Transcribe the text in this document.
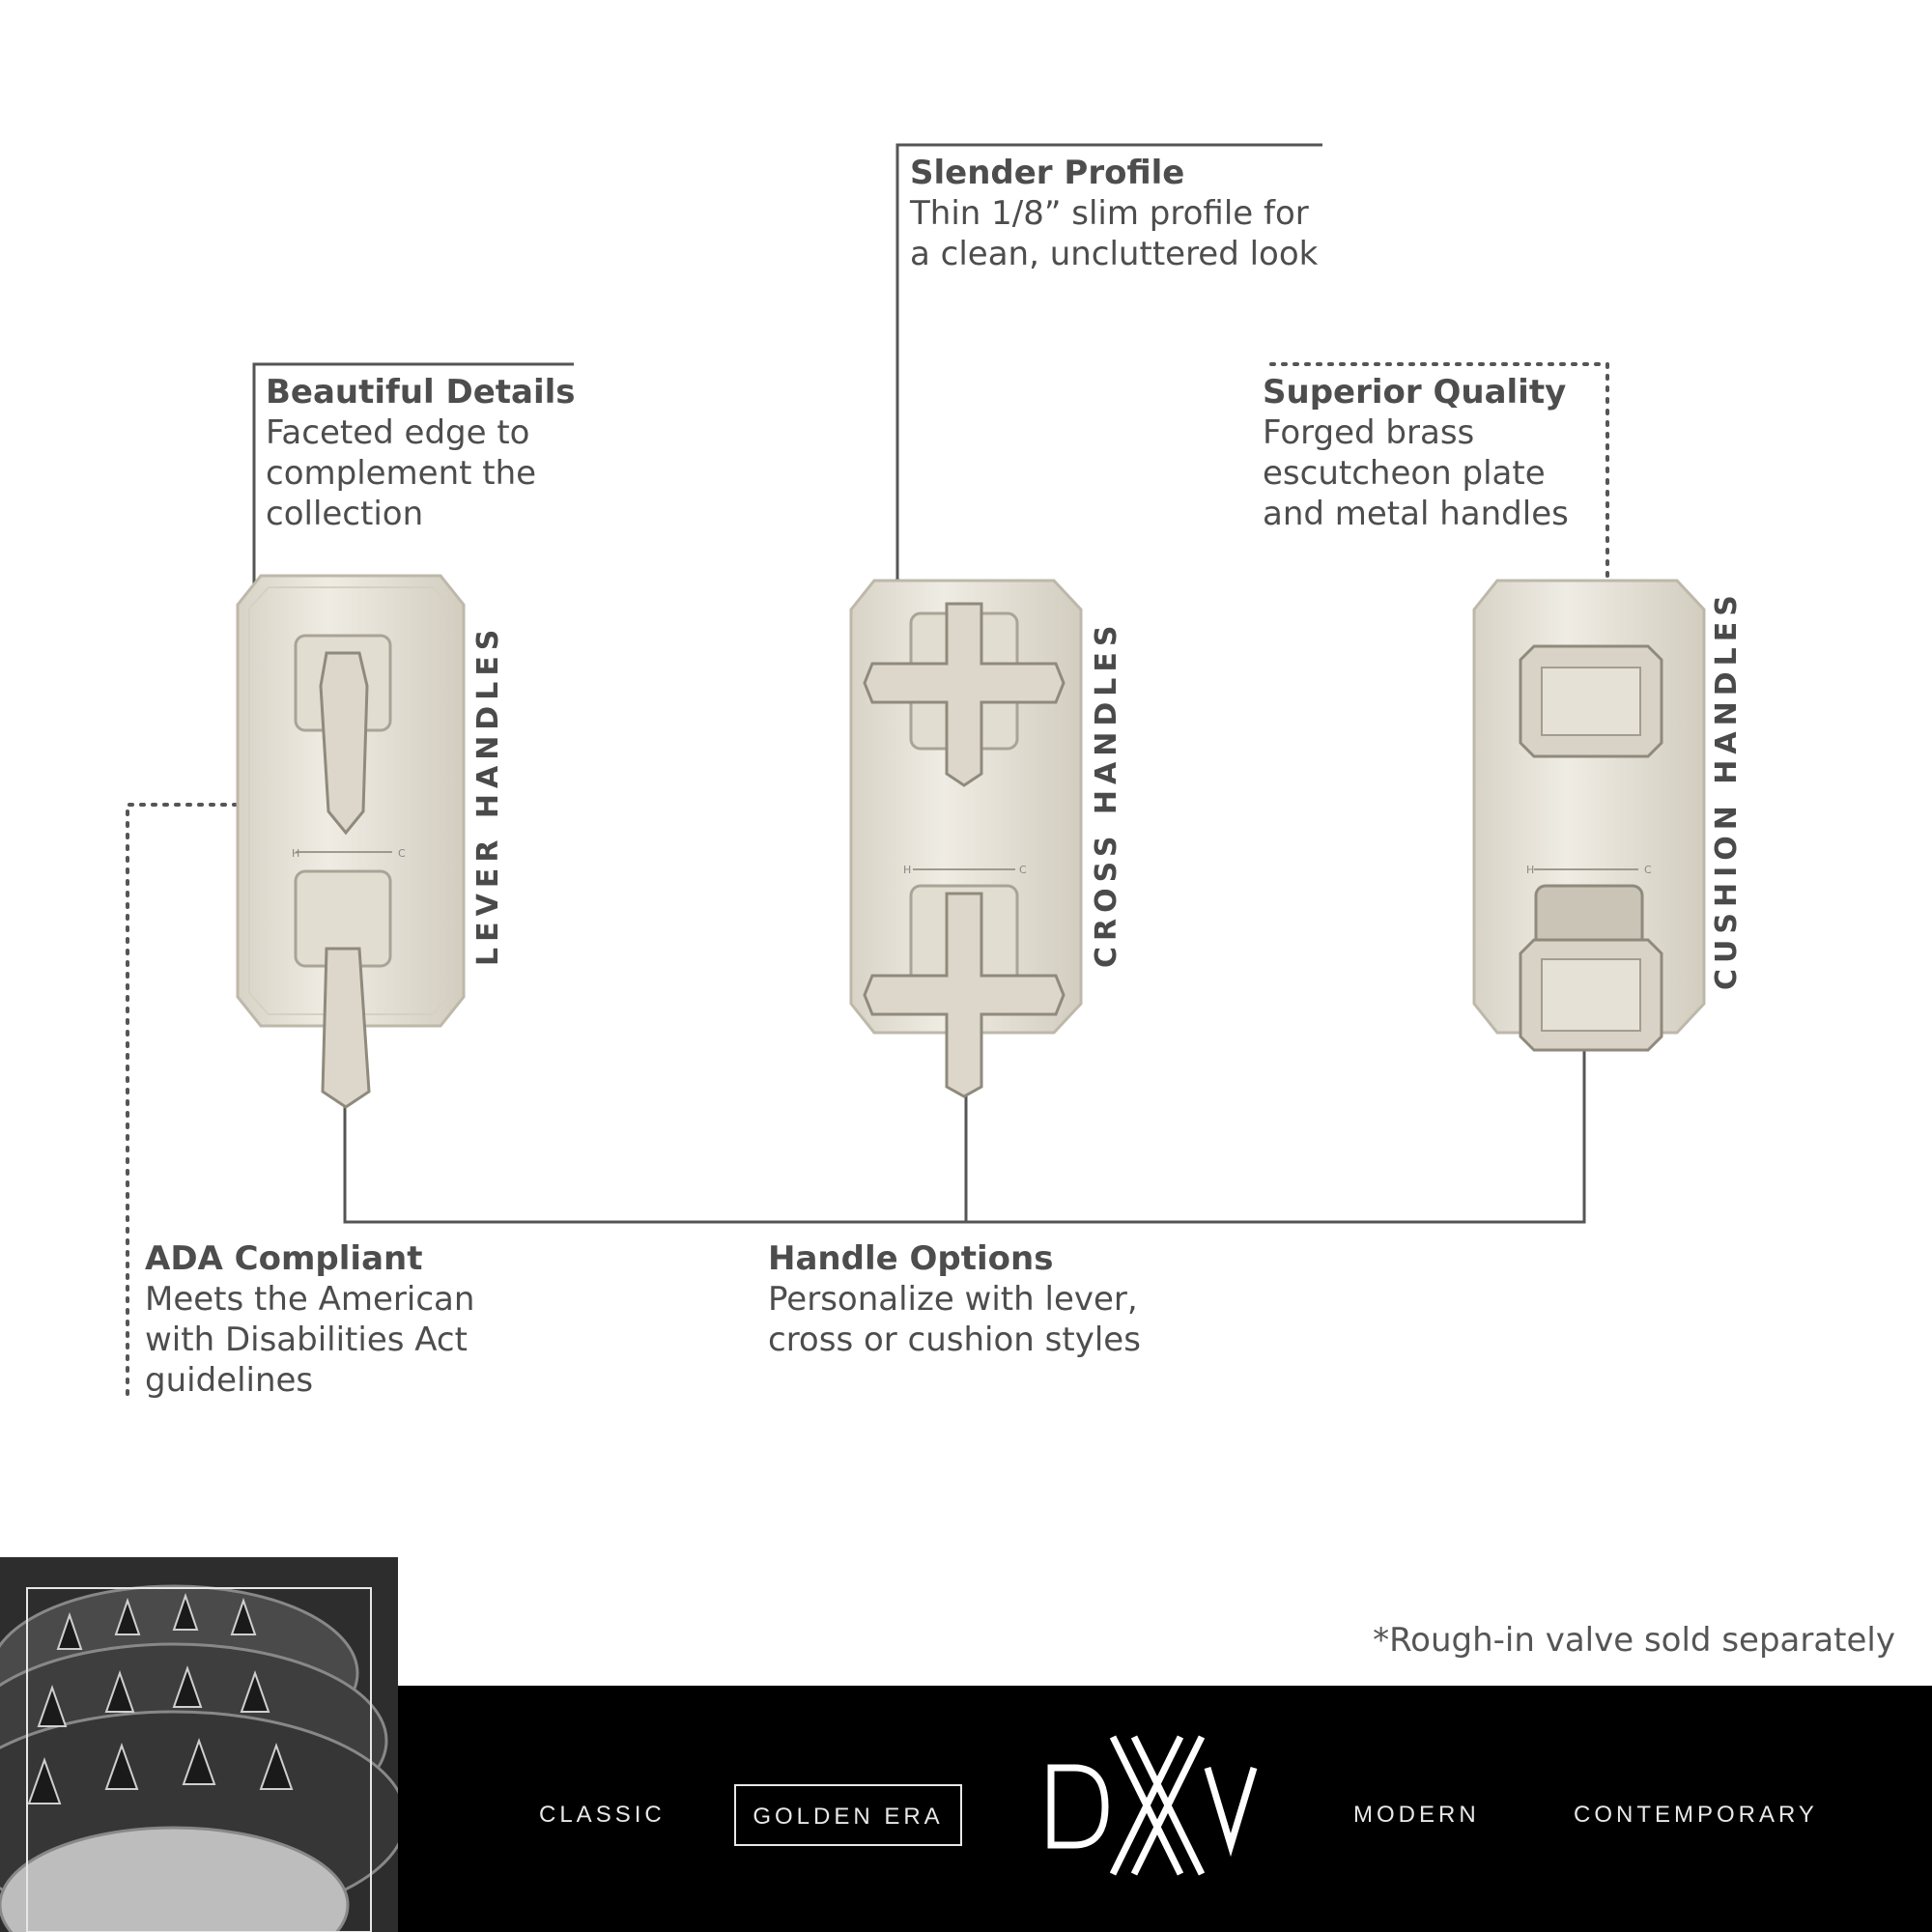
H	C
H	C	H	C
Beautiful Details
Faceted edge to
complement the
collection
Slender Profile
Thin 1/8” slim profile for
a clean, uncluttered look
Superior Quality
Forged brass
escutcheon plate
and metal handles
ADA Compliant
Meets the American
with Disabilities Act
guidelines
Handle Options
Personalize with lever,
cross or cushion styles
LEVER HANDLES	CROSS HANDLES	CUSHION HANDLES
*Rough-in valve sold separately
CLASSIC	GOLDEN ERA	MODERN	CONTEMPORARY
